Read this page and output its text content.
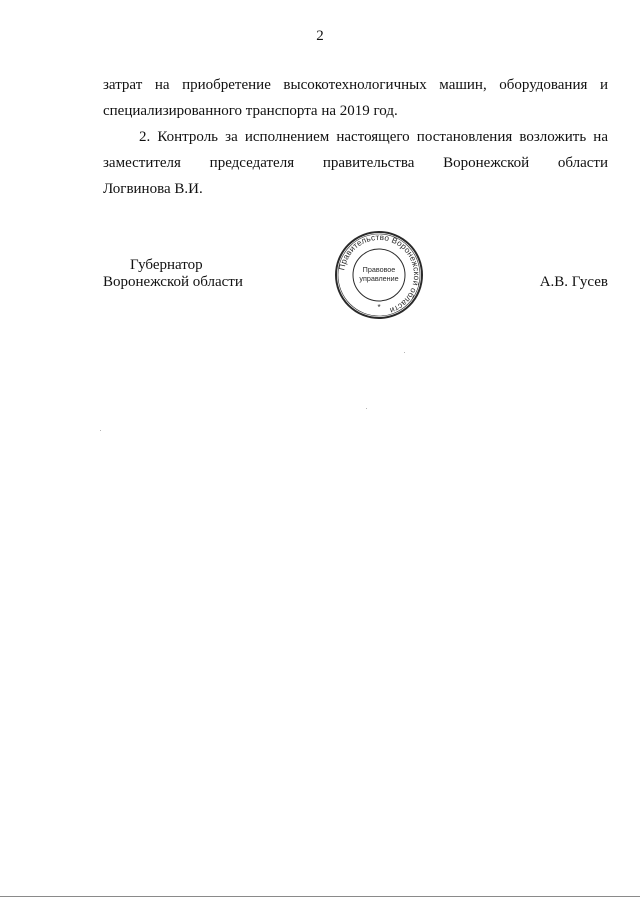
2
затрат на приобретение высокотехнологичных машин, оборудования и
специализированного транспорта на 2019 год.
2. Контроль за исполнением настоящего постановления возложить на
заместителя председателя правительства Воронежской области
Логвинова В.И.
Губернатор
Воронежской области	А.В. Гусев
Правительство Воронежской области
Правовое
управление
*
